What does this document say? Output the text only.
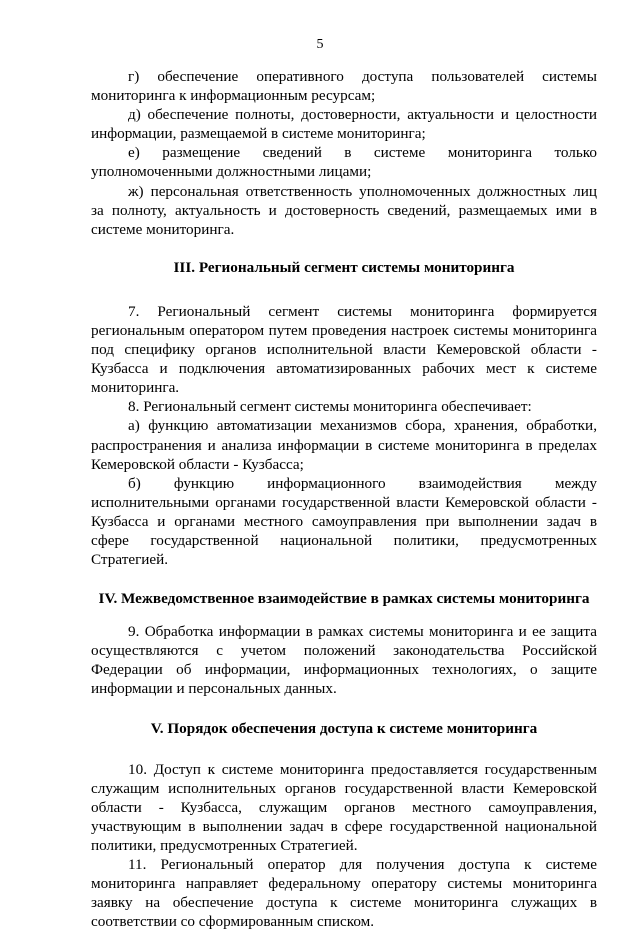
5

г) обеспечение оперативного доступа пользователей системы мониторинга к информационным ресурсам;

д) обеспечение полноты, достоверности, актуальности и целостности информации, размещаемой в системе мониторинга;

е) размещение сведений в системе мониторинга только уполномоченными должностными лицами;

ж) персональная ответственность уполномоченных должностных лиц за полноту, актуальность и достоверность сведений, размещаемых ими в системе мониторинга.

III. Региональный сегмент системы мониторинга

7. Региональный сегмент системы мониторинга формируется региональным оператором путем проведения настроек системы мониторинга под специфику органов исполнительной власти Кемеровской области - Кузбасса и подключения автоматизированных рабочих мест к системе мониторинга.

8. Региональный сегмент системы мониторинга обеспечивает:

а) функцию автоматизации механизмов сбора, хранения, обработки, распространения и анализа информации в системе мониторинга в пределах Кемеровской области - Кузбасса;

б) функцию информационного взаимодействия между исполнительными органами государственной власти Кемеровской области - Кузбасса и органами местного самоуправления при выполнении задач в сфере государственной национальной политики, предусмотренных Стратегией.

IV. Межведомственное взаимодействие в рамках системы мониторинга

9. Обработка информации в рамках системы мониторинга и ее защита осуществляются с учетом положений законодательства Российской Федерации об информации, информационных технологиях, о защите информации и персональных данных.

V. Порядок обеспечения доступа к системе мониторинга

10. Доступ к системе мониторинга предоставляется государственным служащим исполнительных органов государственной власти Кемеровской области - Кузбасса, служащим органов местного самоуправления, участвующим в выполнении задач в сфере государственной национальной политики, предусмотренных Стратегией.

11. Региональный оператор для получения доступа к системе мониторинга направляет федеральному оператору системы мониторинга заявку на обеспечение доступа к системе мониторинга служащих в соответствии со сформированным списком.
